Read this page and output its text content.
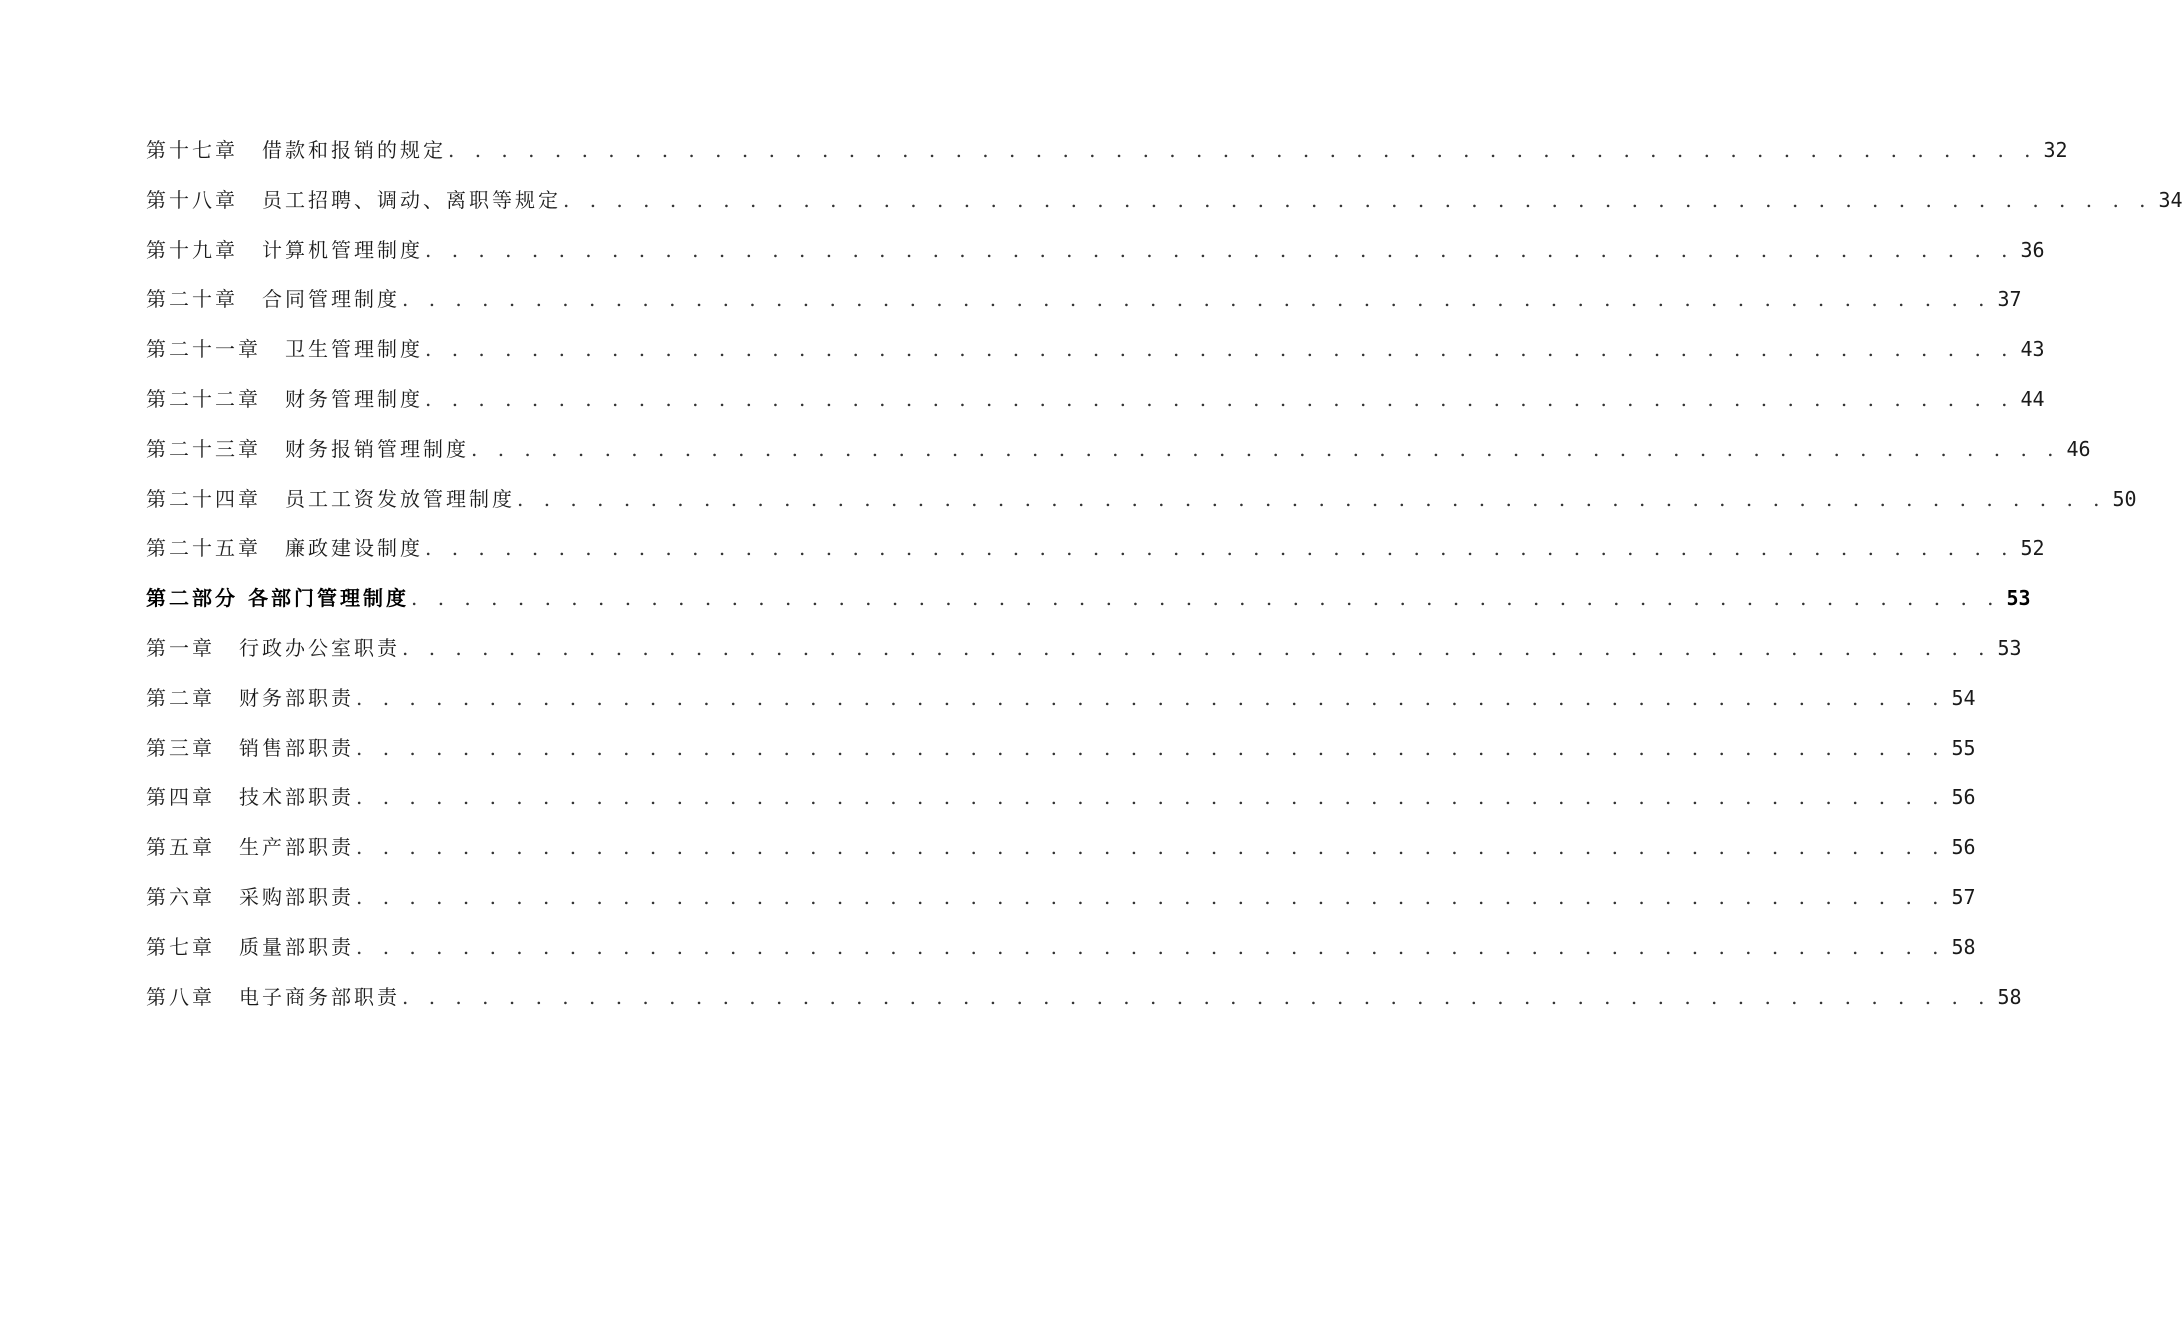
第十七章 借款和报销的规定 . . . . . . . . . . . . . . . . . . . . . . . . . . . . . . . . . . . . . . . . . . . . . . . . . . . . . . . . . . . . 32
第十八章 员工招聘、调动、离职等规定 . . . . . . . . . . . . . . . . . . . . . . . . . . . . . . . . . . . . . . . . . . . . . . . . . . . . . . . . . . . . 34
第十九章 计算机管理制度 . . . . . . . . . . . . . . . . . . . . . . . . . . . . . . . . . . . . . . . . . . . . . . . . . . . . . . . . . . . . 36
第二十章 合同管理制度 . . . . . . . . . . . . . . . . . . . . . . . . . . . . . . . . . . . . . . . . . . . . . . . . . . . . . . . . . . . . 37
第二十一章 卫生管理制度 . . . . . . . . . . . . . . . . . . . . . . . . . . . . . . . . . . . . . . . . . . . . . . . . . . . . . . . . . . . . 43
第二十二章 财务管理制度 . . . . . . . . . . . . . . . . . . . . . . . . . . . . . . . . . . . . . . . . . . . . . . . . . . . . . . . . . . . . 44
第二十三章 财务报销管理制度 . . . . . . . . . . . . . . . . . . . . . . . . . . . . . . . . . . . . . . . . . . . . . . . . . . . . . . . . . . . . 46
第二十四章 员工工资发放管理制度 . . . . . . . . . . . . . . . . . . . . . . . . . . . . . . . . . . . . . . . . . . . . . . . . . . . . . . . . . . . . 50
第二十五章 廉政建设制度 . . . . . . . . . . . . . . . . . . . . . . . . . . . . . . . . . . . . . . . . . . . . . . . . . . . . . . . . . . . . 52
第二部分 各部门管理制度 . . . . . . . . . . . . . . . . . . . . . . . . . . . . . . . . . . . . . . . . . . . . . . . . . . . . . . . . . . . . 53
第一章 行政办公室职责 . . . . . . . . . . . . . . . . . . . . . . . . . . . . . . . . . . . . . . . . . . . . . . . . . . . . . . . . . . . . 53
第二章 财务部职责 . . . . . . . . . . . . . . . . . . . . . . . . . . . . . . . . . . . . . . . . . . . . . . . . . . . . . . . . . . . . 54
第三章 销售部职责 . . . . . . . . . . . . . . . . . . . . . . . . . . . . . . . . . . . . . . . . . . . . . . . . . . . . . . . . . . . . 55
第四章 技术部职责 . . . . . . . . . . . . . . . . . . . . . . . . . . . . . . . . . . . . . . . . . . . . . . . . . . . . . . . . . . . . 56
第五章 生产部职责 . . . . . . . . . . . . . . . . . . . . . . . . . . . . . . . . . . . . . . . . . . . . . . . . . . . . . . . . . . . . 56
第六章 采购部职责 . . . . . . . . . . . . . . . . . . . . . . . . . . . . . . . . . . . . . . . . . . . . . . . . . . . . . . . . . . . . 57
第七章 质量部职责 . . . . . . . . . . . . . . . . . . . . . . . . . . . . . . . . . . . . . . . . . . . . . . . . . . . . . . . . . . . . 58
第八章 电子商务部职责 . . . . . . . . . . . . . . . . . . . . . . . . . . . . . . . . . . . . . . . . . . . . . . . . . . . . . . . . . . . . 58
